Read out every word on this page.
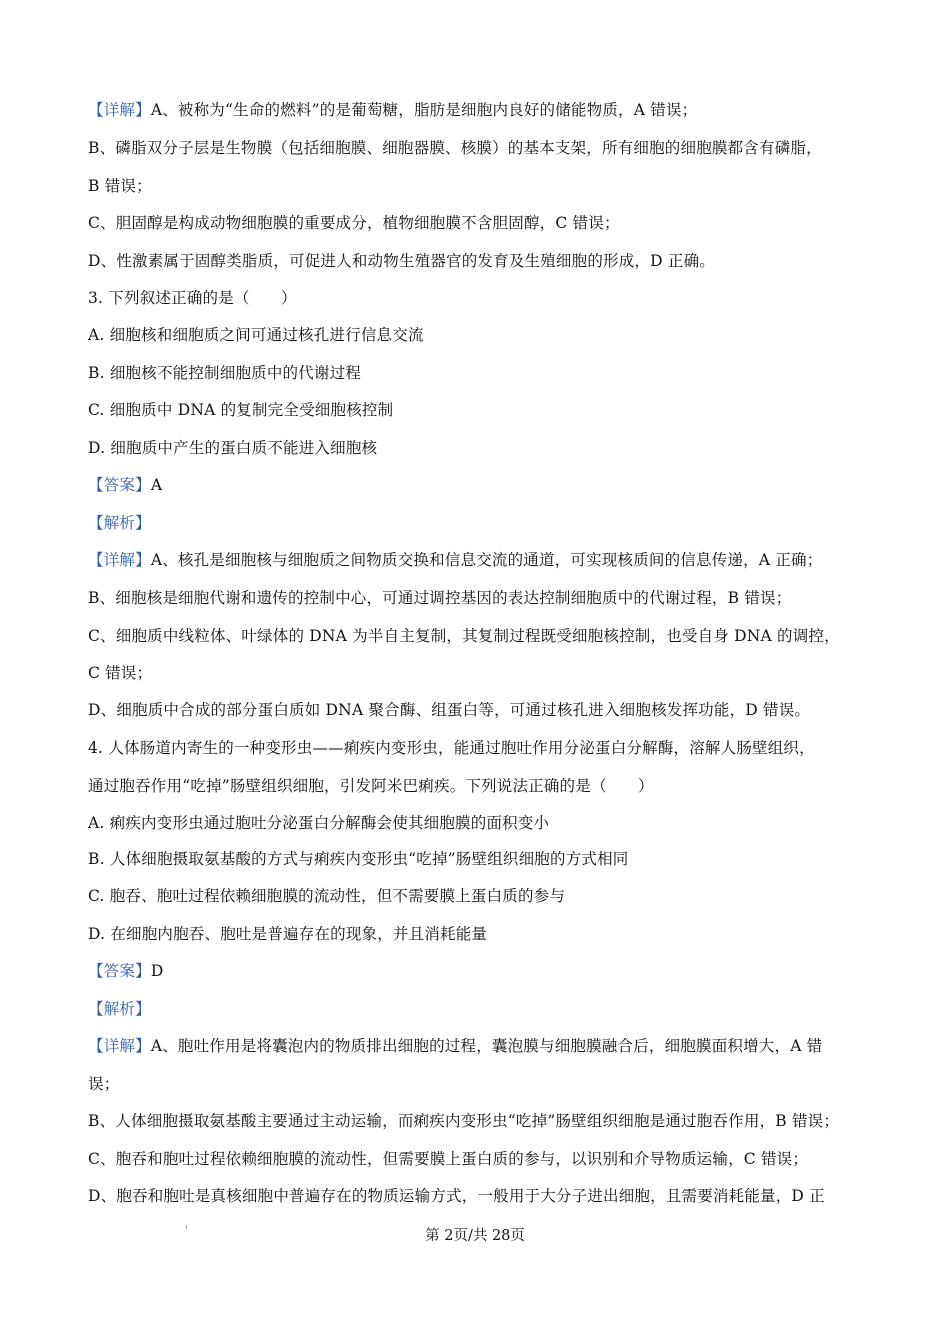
【详解】A、被称为“生命的燃料”的是葡萄糖，脂肪是细胞内良好的储能物质，A 错误；
B、磷脂双分子层是生物膜（包括细胞膜、细胞器膜、核膜）的基本支架，所有细胞的细胞膜都含有磷脂，
B 错误；
C、胆固醇是构成动物细胞膜的重要成分，植物细胞膜不含胆固醇，C 错误；
D、性激素属于固醇类脂质，可促进人和动物生殖器官的发育及生殖细胞的形成，D 正确。
3. 下列叙述正确的是（　　）
A. 细胞核和细胞质之间可通过核孔进行信息交流
B. 细胞核不能控制细胞质中的代谢过程
C. 细胞质中 DNA 的复制完全受细胞核控制
D. 细胞质中产生的蛋白质不能进入细胞核
【答案】A
【解析】
【详解】A、核孔是细胞核与细胞质之间物质交换和信息交流的通道，可实现核质间的信息传递，A 正确；
B、细胞核是细胞代谢和遗传的控制中心，可通过调控基因的表达控制细胞质中的代谢过程，B 错误；
C、细胞质中线粒体、叶绿体的 DNA 为半自主复制，其复制过程既受细胞核控制，也受自身 DNA 的调控，
C 错误；
D、细胞质中合成的部分蛋白质如 DNA 聚合酶、组蛋白等，可通过核孔进入细胞核发挥功能，D 错误。
4. 人体肠道内寄生的一种变形虫——痢疾内变形虫，能通过胞吐作用分泌蛋白分解酶，溶解人肠壁组织，
通过胞吞作用“吃掉”肠壁组织细胞，引发阿米巴痢疾。下列说法正确的是（　　）
A. 痢疾内变形虫通过胞吐分泌蛋白分解酶会使其细胞膜的面积变小
B. 人体细胞摄取氨基酸的方式与痢疾内变形虫“吃掉”肠壁组织细胞的方式相同
C. 胞吞、胞吐过程依赖细胞膜的流动性，但不需要膜上蛋白质的参与
D. 在细胞内胞吞、胞吐是普遍存在的现象，并且消耗能量
【答案】D
【解析】
【详解】A、胞吐作用是将囊泡内的物质排出细胞的过程，囊泡膜与细胞膜融合后，细胞膜面积增大，A 错
误；
B、人体细胞摄取氨基酸主要通过主动运输，而痢疾内变形虫“吃掉”肠壁组织细胞是通过胞吞作用，B 错误；
C、胞吞和胞吐过程依赖细胞膜的流动性，但需要膜上蛋白质的参与，以识别和介导物质运输，C 错误；
D、胞吞和胞吐是真核细胞中普遍存在的物质运输方式，一般用于大分子进出细胞，且需要消耗能量，D 正
'	第 2页/共 28页
